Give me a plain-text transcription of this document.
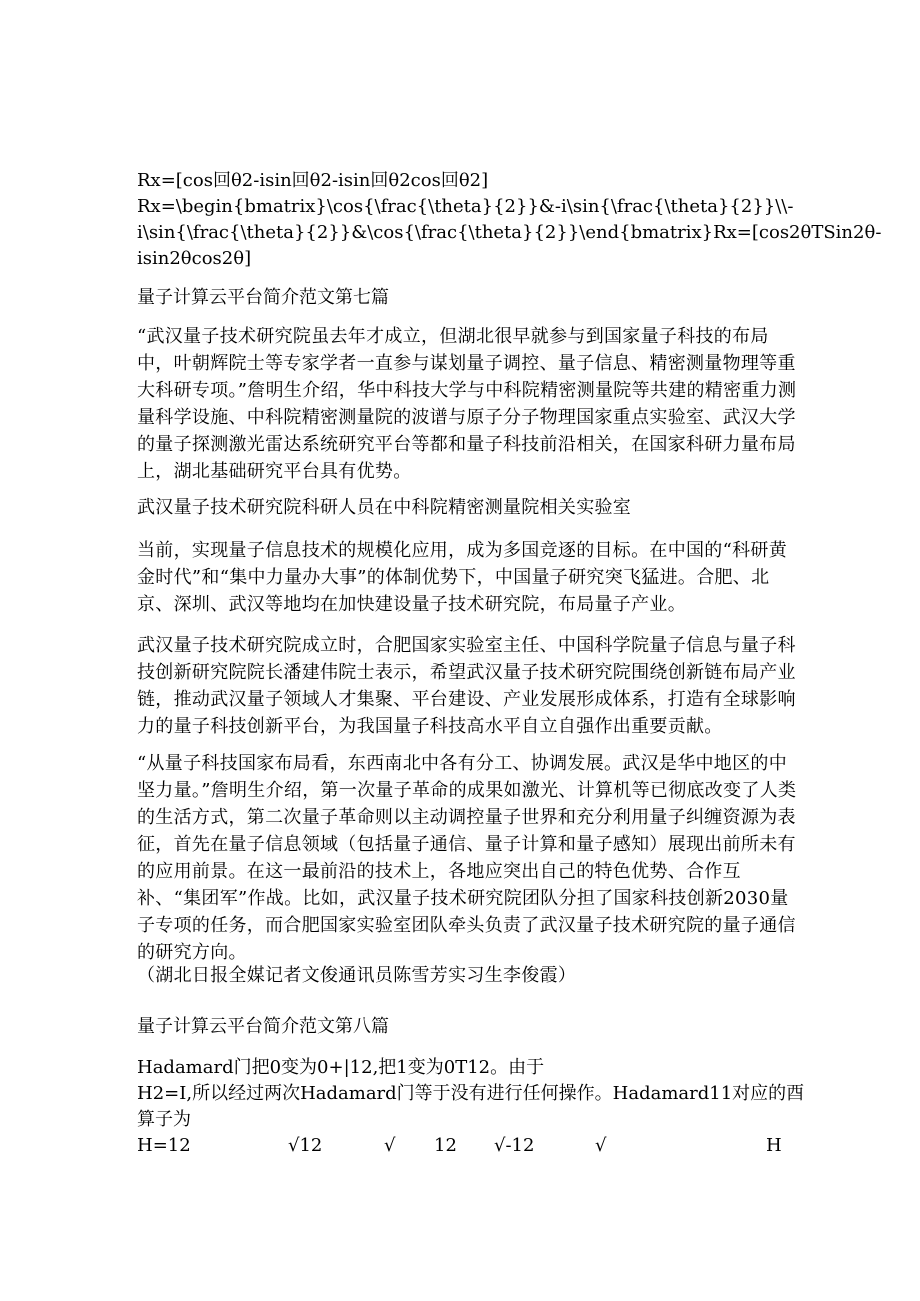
Rx=[cos回θ2-isin回θ2-isin回θ2cos回θ2]
Rx=\begin{bmatrix}\cos{\frac{\theta}{2}}&-i\sin{\frac{\theta}{2}}\\-
i\sin{\frac{\theta}{2}}&\cos{\frac{\theta}{2}}\end{bmatrix}Rx=[cos2θTSin2θ-
isin2θcos2θ]
量子计算云平台简介范文第七篇
“武汉量子技术研究院虽去年才成立，但湖北很早就参与到国家量子科技的布局中，叶朝辉院士等专家学者一直参与谋划量子调控、量子信息、精密测量物理等重大科研专项。”詹明生介绍，华中科技大学与中科院精密测量院等共建的精密重力测量科学设施、中科院精密测量院的波谱与原子分子物理国家重点实验室、武汉大学的量子探测激光雷达系统研究平台等都和量子科技前沿相关，在国家科研力量布局上，湖北基础研究平台具有优势。
武汉量子技术研究院科研人员在中科院精密测量院相关实验室
当前，实现量子信息技术的规模化应用，成为多国竞逐的目标。在中国的“科研黄金时代”和“集中力量办大事”的体制优势下，中国量子研究突飞猛进。合肥、北京、深圳、武汉等地均在加快建设量子技术研究院，布局量子产业。
武汉量子技术研究院成立时，合肥国家实验室主任、中国科学院量子信息与量子科技创新研究院院长潘建伟院士表示，希望武汉量子技术研究院围绕创新链布局产业链，推动武汉量子领域人才集聚、平台建设、产业发展形成体系，打造有全球影响力的量子科技创新平台，为我国量子科技高水平自立自强作出重要贡献。
“从量子科技国家布局看，东西南北中各有分工、协调发展。武汉是华中地区的中坚力量。”詹明生介绍，第一次量子革命的成果如激光、计算机等已彻底改变了人类的生活方式，第二次量子革命则以主动调控量子世界和充分利用量子纠缠资源为表征，首先在量子信息领域（包括量子通信、量子计算和量子感知）展现出前所未有的应用前景。在这一最前沿的技术上，各地应突出自己的特色优势、合作互补、“集团军”作战。比如，武汉量子技术研究院团队分担了国家科技创新2030量子专项的任务，而合肥国家实验室团队牵头负责了武汉量子技术研究院的量子通信的研究方向。
（湖北日报全媒记者文俊通讯员陈雪芳实习生李俊霞）
量子计算云平台简介范文第八篇
Hadamard门把0变为0+|12,把1变为0T12。由于
H2=I,所以经过两次Hadamard门等于没有进行任何操作。Hadamard11对应的酉
算子为
H=12	√12	√ 12 √-12	√	H
